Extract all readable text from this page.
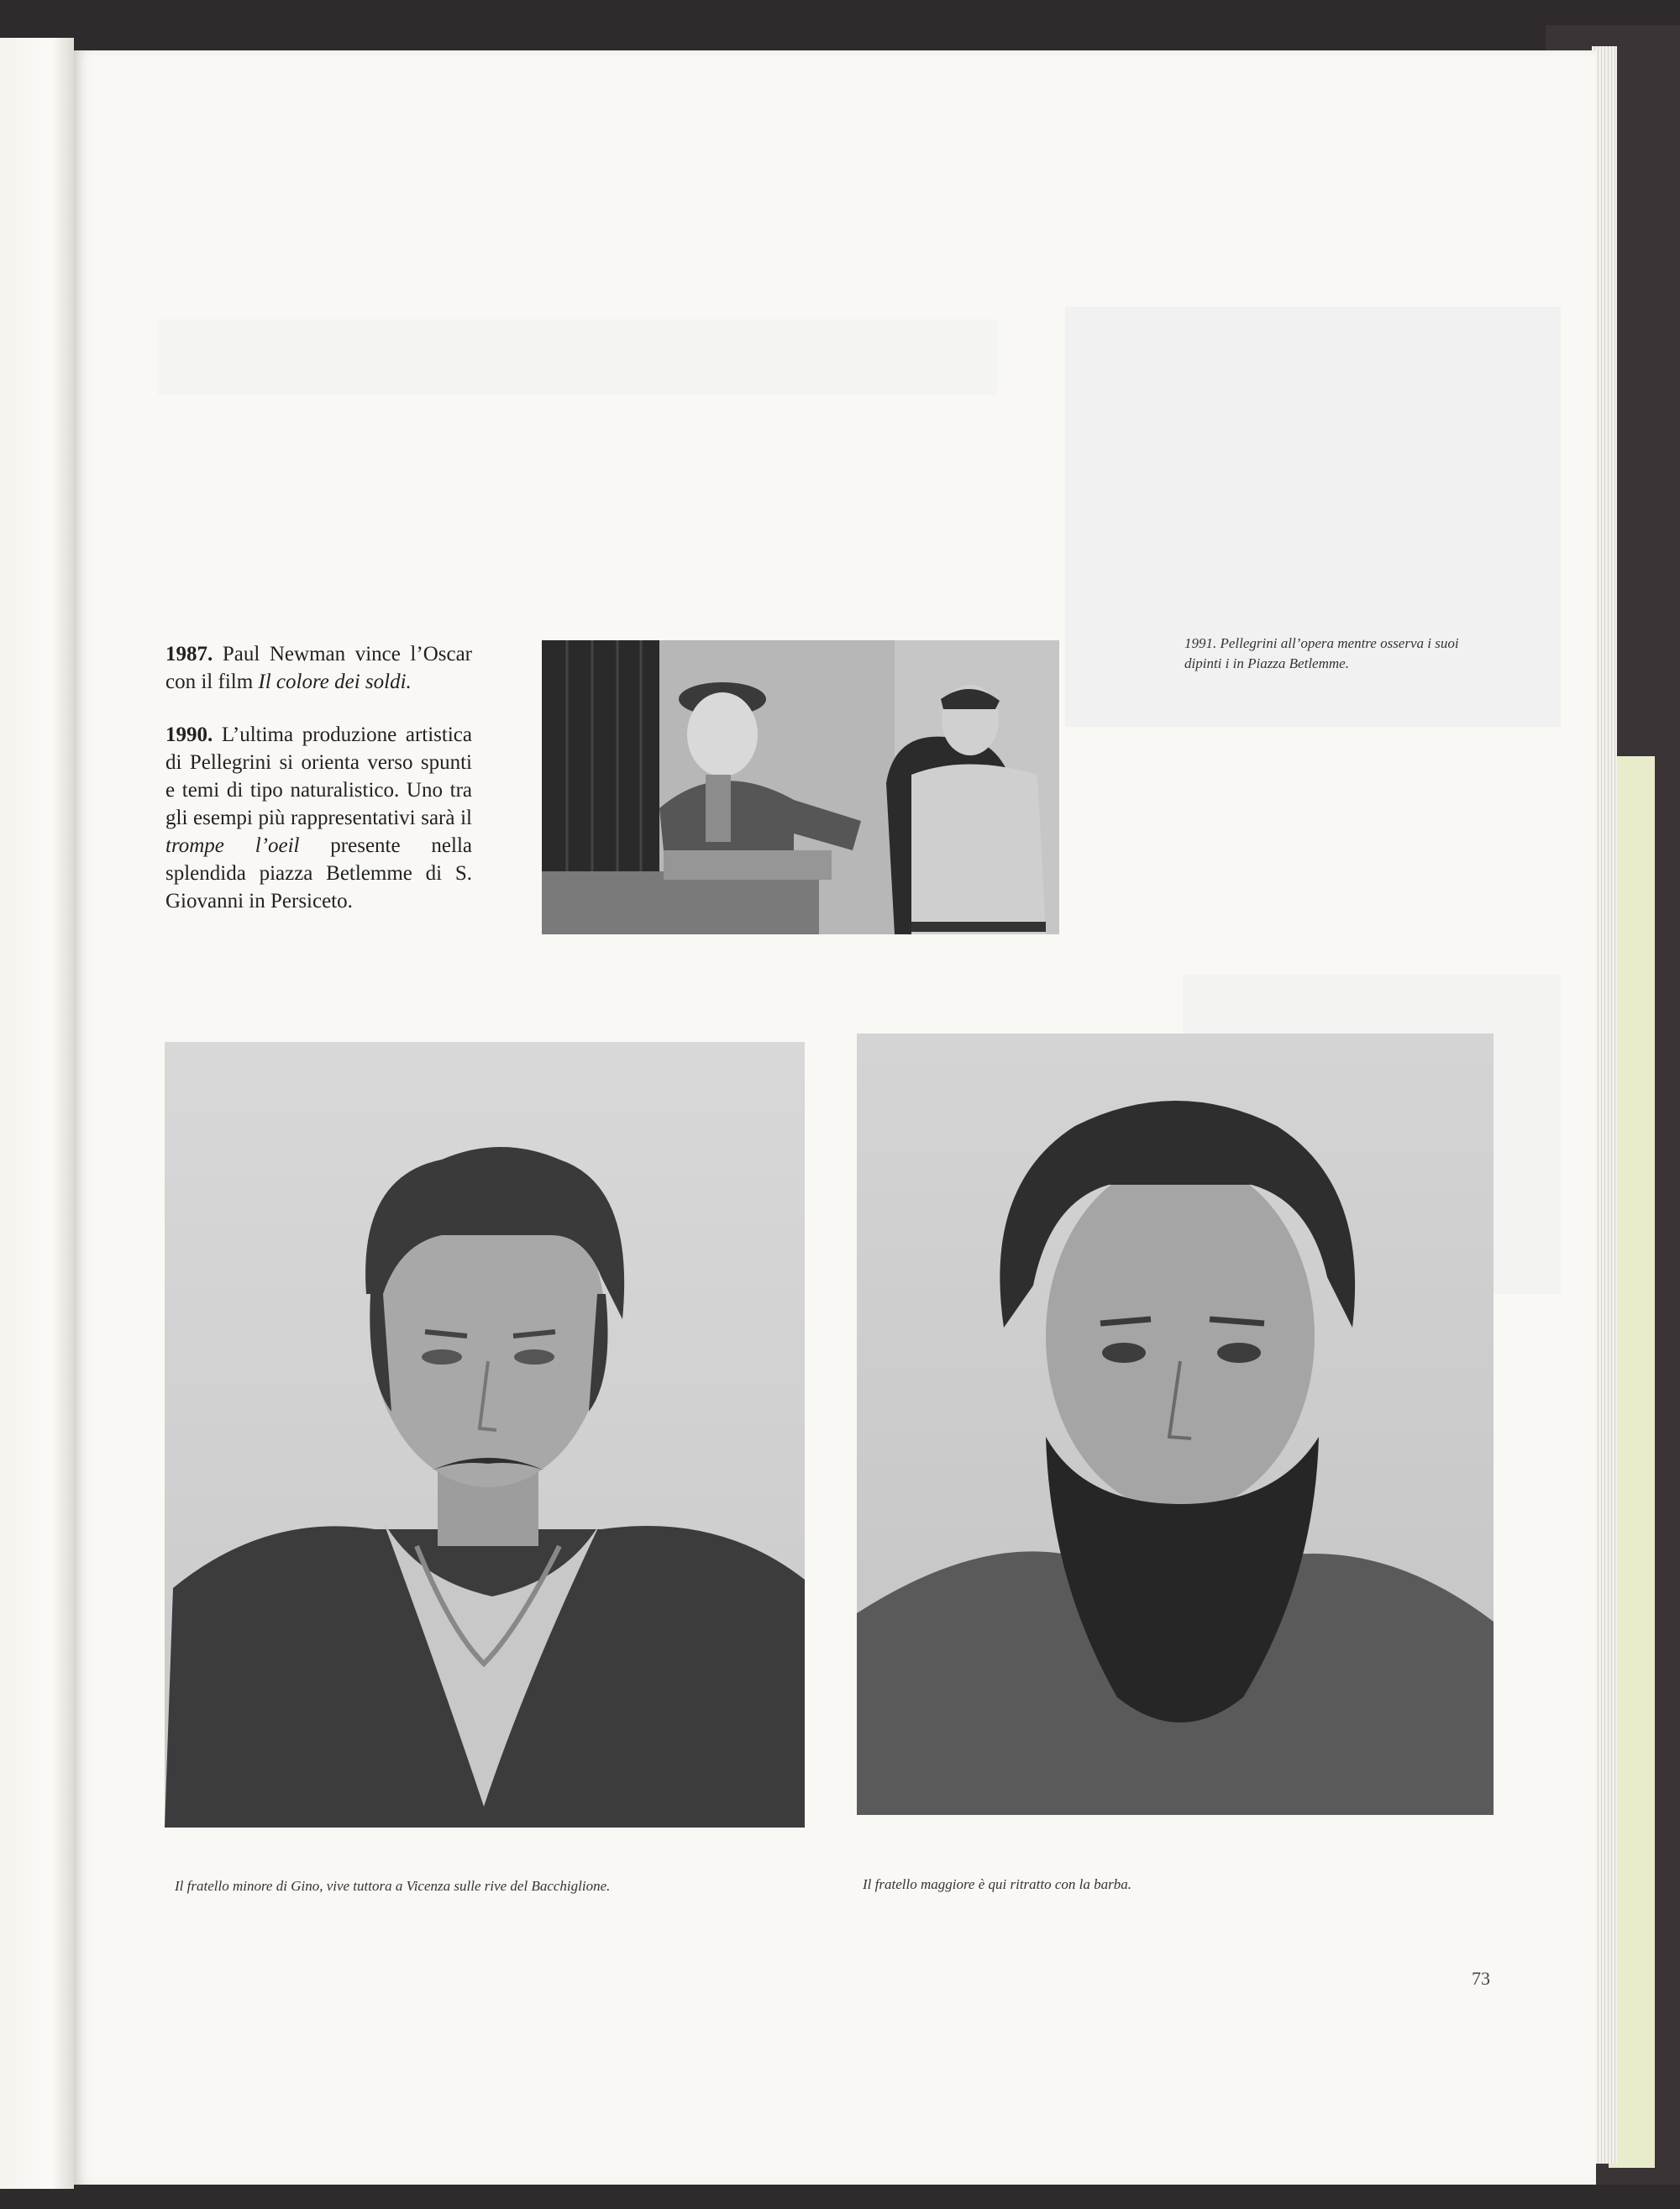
1987. Paul Newman vince l’Oscar con il film Il colore dei soldi.

1990. L’ultima produzione artistica di Pellegrini si orienta verso spunti e temi di tipo naturalistico. Uno tra gli esempi più rappresentativi sarà il trompe l’oeil presente nella splendida piazza Betlemme di S. Giovanni in Persiceto.

1991. Pellegrini all’opera mentre osserva i suoi dipinti i in Piazza Betlemme.
Il fratello minore di Gino, vive tuttora a Vicenza sulle rive del Bacchiglione.	Il fratello maggiore è qui ritratto con la barba.
73
